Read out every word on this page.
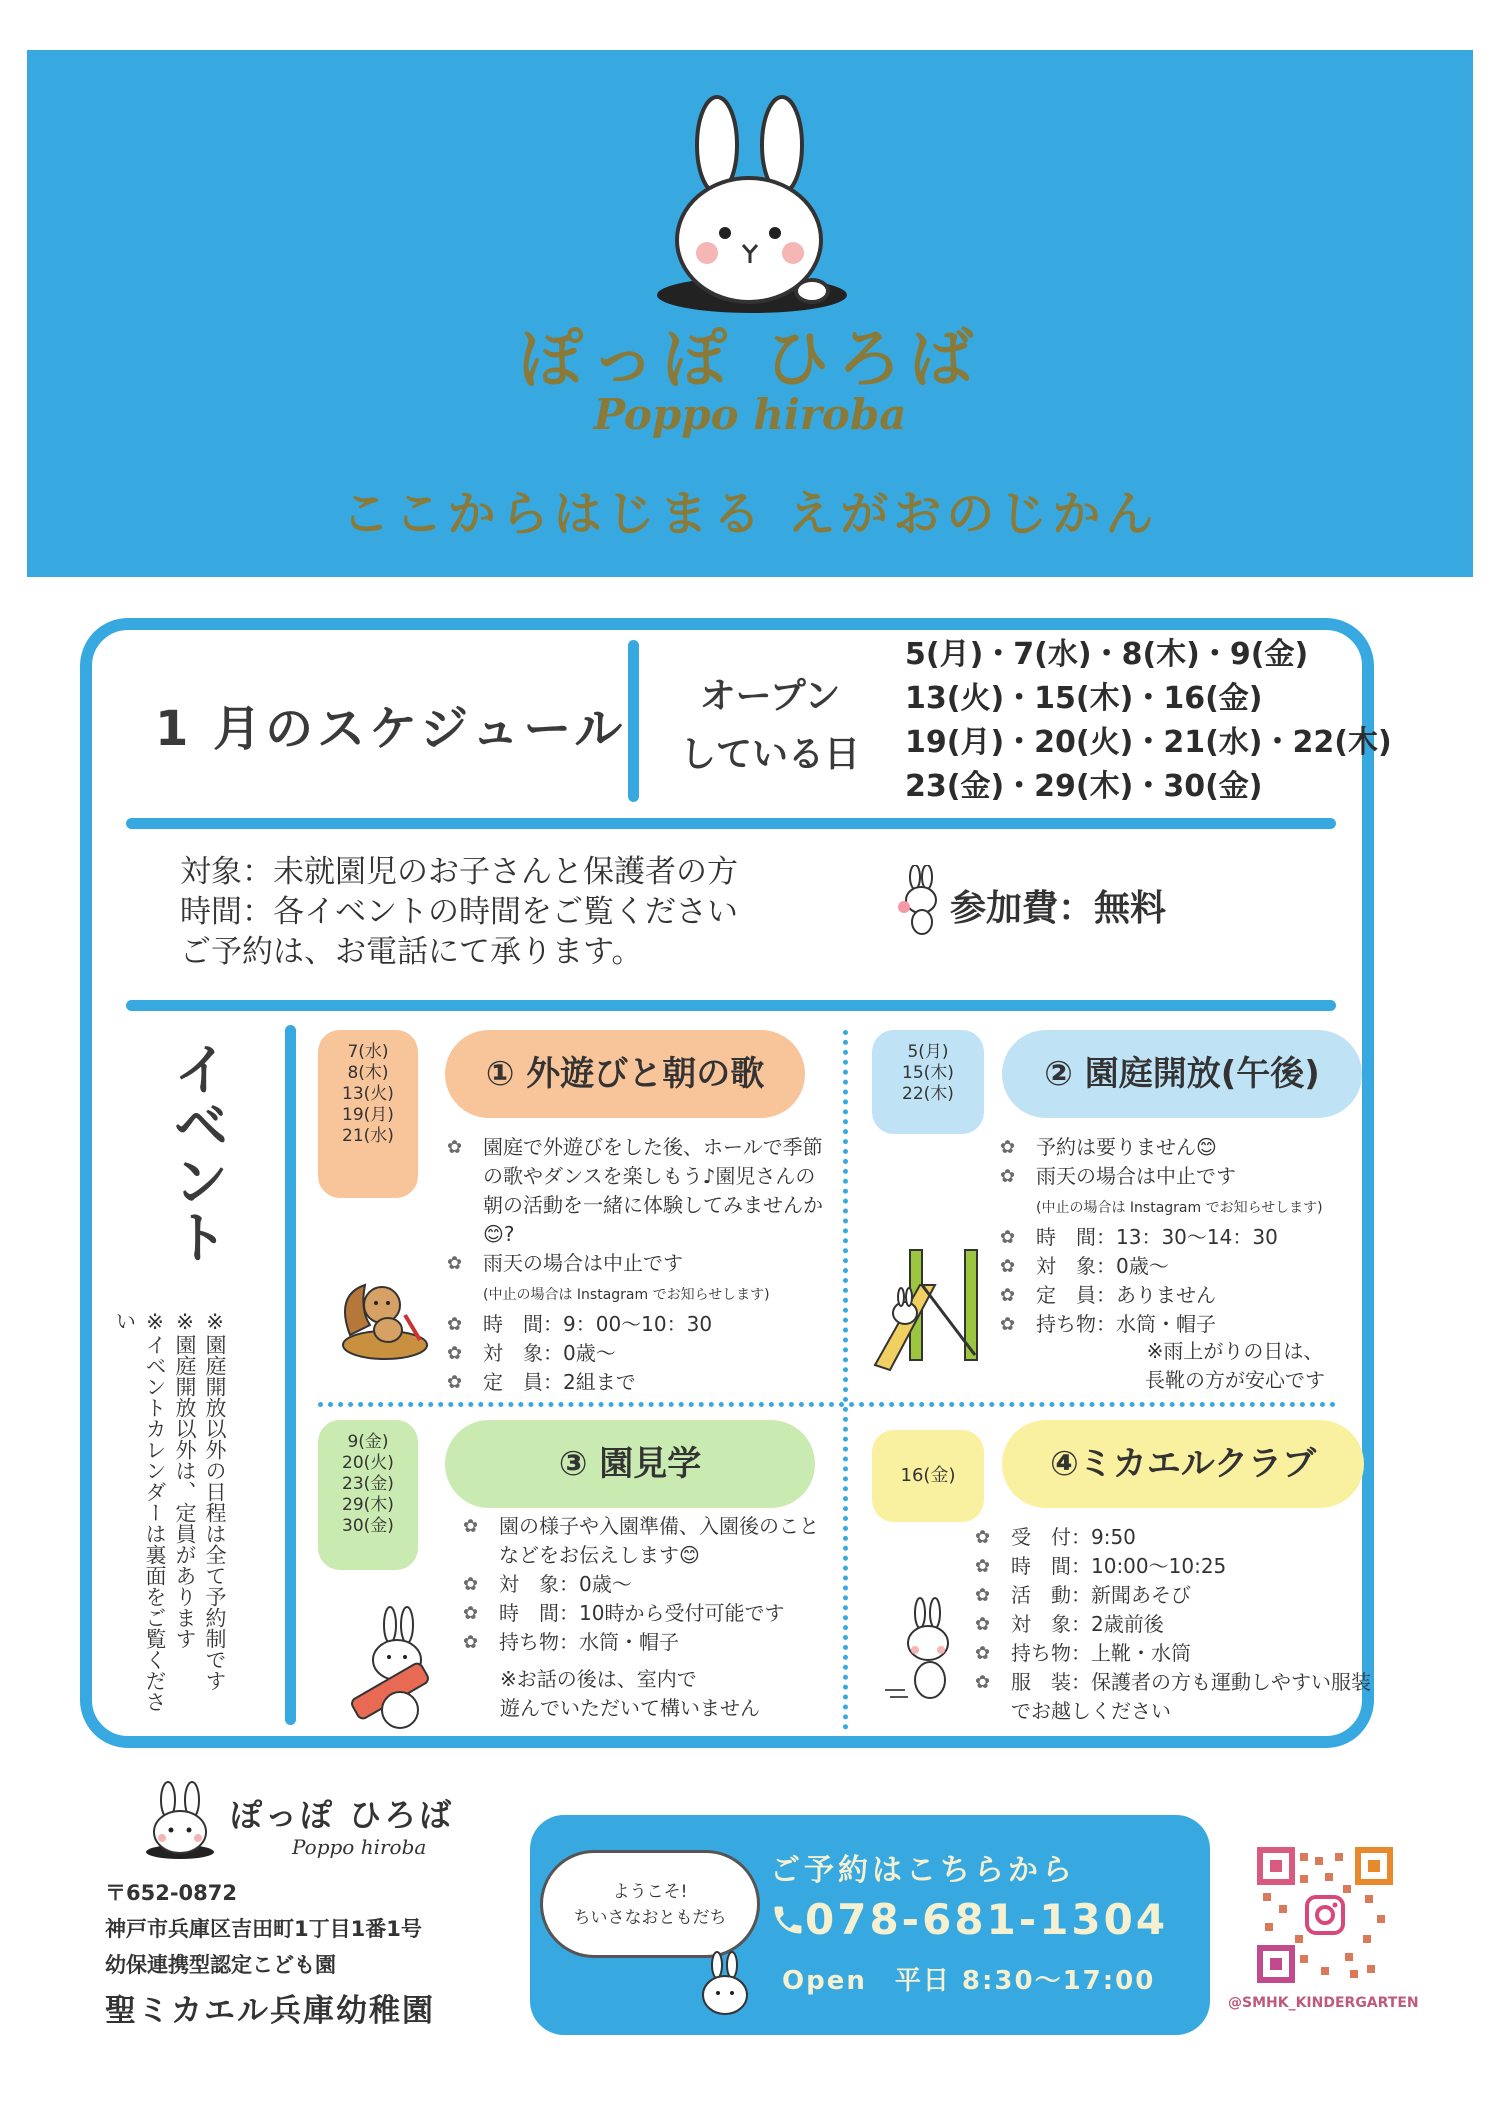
ぽっぽ ひろば
Poppo hiroba
ここからはじまる えがおのじかん
1 月のスケジュール
オープン
している日
5(月)・7(水)・8(木)・9(金)
13(火)・15(木)・16(金)
19(月)・20(火)・21(水)・22(木)
23(金)・29(木)・30(金)
対象：未就園児のお子さんと保護者の方
時間：各イベントの時間をご覧ください
ご予約は、お電話にて承ります。
参加費：無料
イベント
※園庭開放以外の日程は全て予約制です
※園庭開放以外は、定員があります
※イベントカレンダーは裏面をご覧ください
7(水)
8(木)
13(火)
19(月)
21(水)
① 外遊びと朝の歌
✿ 園庭で外遊びをした後、ホールで季節の歌やダンスを楽しもう♪園児さんの朝の活動を一緒に体験してみませんか😊?
✿ 雨天の場合は中止です
(中止の場合は Instagram でお知らせします)
✿ 時　間：9：00〜10：30
✿ 対　象：0歳〜
✿ 定　員：2組まで
5(月)
15(木)
22(木)	② 園庭開放(午後)
✿ 予約は要りません😊
✿ 雨天の場合は中止です
(中止の場合は Instagram でお知らせします)
✿ 時　間：13：30〜14：30
✿ 対　象：0歳〜
✿ 定　員：ありません
✿ 持ち物：水筒・帽子
※雨上がりの日は、
長靴の方が安心です
9(金)
20(火)
23(金)
29(木)
30(金)
③ 園見学
✿ 園の様子や入園準備、入園後のことなどをお伝えします😊
✿ 対　象：0歳〜
✿ 時　間：10時から受付可能です
✿ 持ち物：水筒・帽子
※お話の後は、室内で
遊んでいただいて構いません
16(金)	④ミカエルクラブ
✿ 受　付：9:50
✿ 時　間：10:00〜10:25
✿ 活　動：新聞あそび
✿ 対　象：2歳前後
✿ 持ち物：上靴・水筒
✿ 服　装：保護者の方も運動しやすい服装でお越しください
ぽっぽ ひろば
Poppo hiroba
〒652-0872
神戸市兵庫区吉田町1丁目1番1号
幼保連携型認定こども園
聖ミカエル兵庫幼稚園
ようこそ!
ちいさなおともだち
ご予約はこちらから
078-681-1304
Open　平日 8:30〜17:00
@SMHK_KINDERGARTEN
